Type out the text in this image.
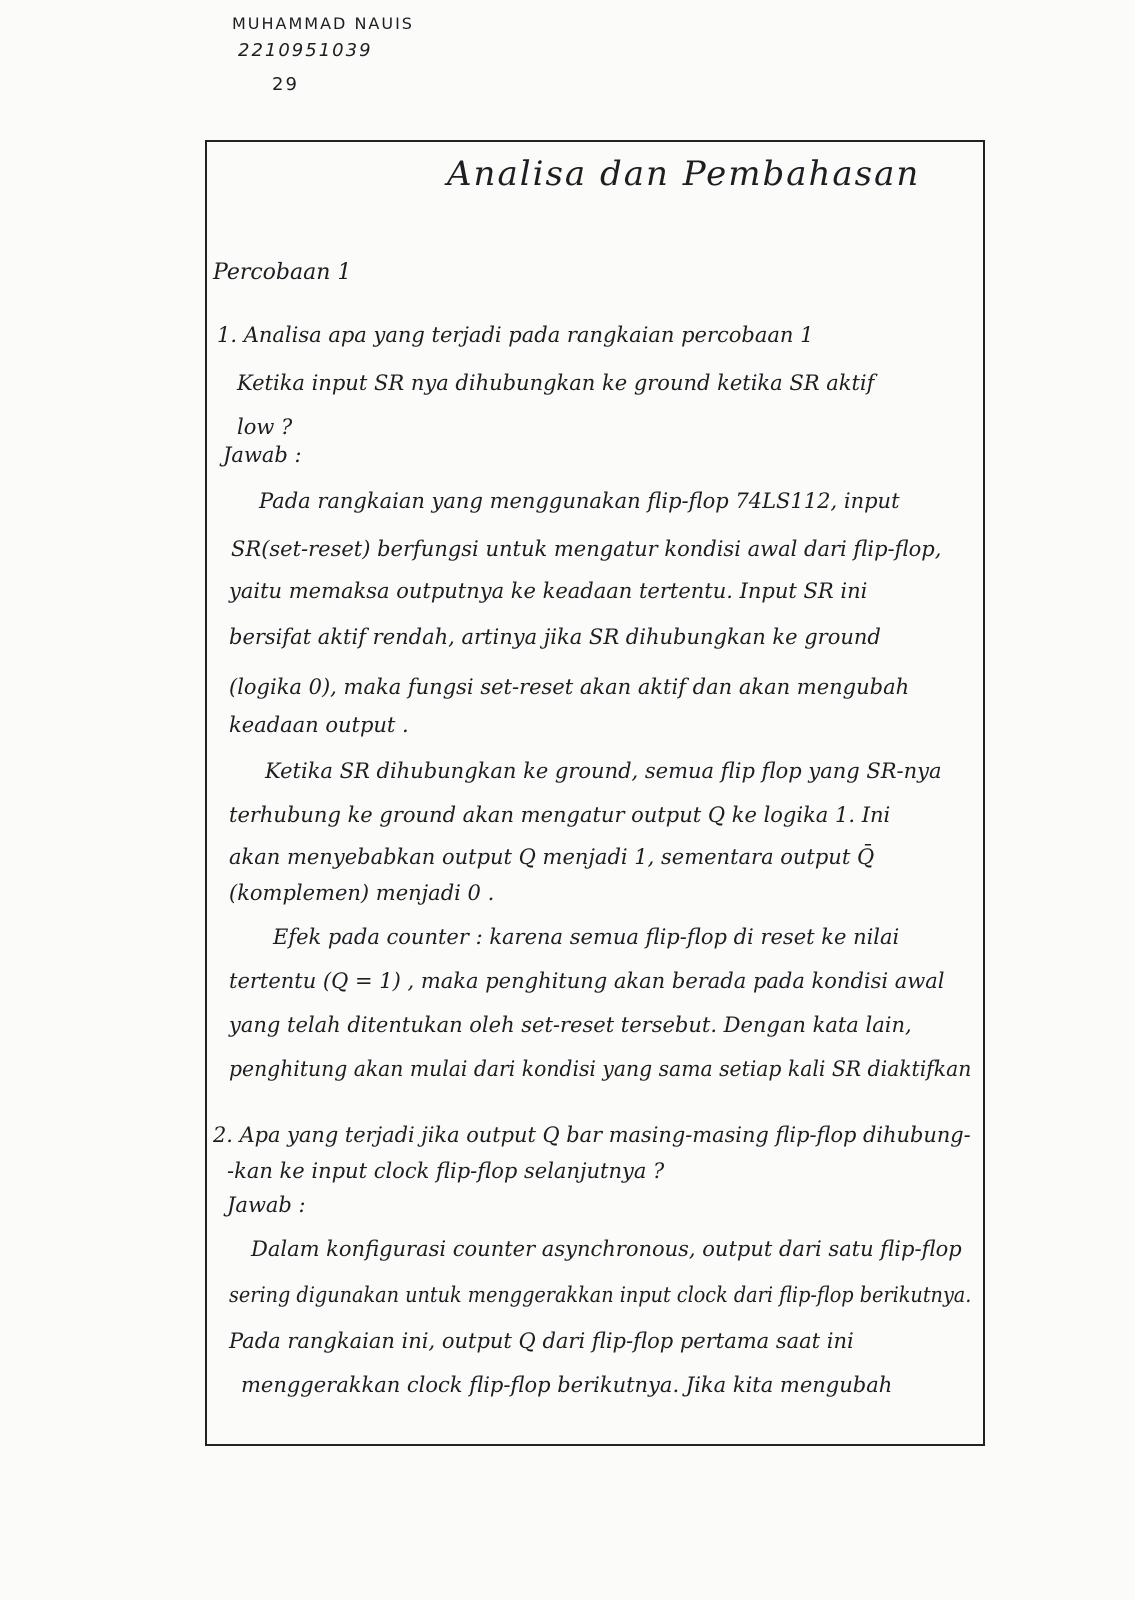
MUHAMMAD NAUIS
2210951039
29
Analisa dan Pembahasan
Percobaan 1
1. Analisa apa yang terjadi pada rangkaian percobaan 1
Ketika input SR nya dihubungkan ke ground ketika SR aktif
low ?
Jawab :
Pada rangkaian yang menggunakan flip-flop 74LS112, input
SR(set-reset) berfungsi untuk mengatur kondisi awal dari flip-flop,
yaitu memaksa outputnya ke keadaan tertentu. Input SR ini
bersifat aktif rendah, artinya jika SR dihubungkan ke ground
(logika 0), maka fungsi set-reset akan aktif dan akan mengubah
keadaan output .
Ketika SR dihubungkan ke ground, semua flip flop yang SR-nya
terhubung ke ground akan mengatur output Q ke logika 1. Ini
akan menyebabkan output Q menjadi 1, sementara output Q̄
(komplemen) menjadi 0 .
Efek pada counter : karena semua flip-flop di reset ke nilai
tertentu (Q = 1) , maka penghitung akan berada pada kondisi awal
yang telah ditentukan oleh set-reset tersebut. Dengan kata lain,
penghitung akan mulai dari kondisi yang sama setiap kali SR diaktifkan
2. Apa yang terjadi jika output Q bar masing-masing flip-flop dihubung-
-kan ke input clock flip-flop selanjutnya ?
Jawab :
Dalam konfigurasi counter asynchronous, output dari satu flip-flop
sering digunakan untuk menggerakkan input clock dari flip-flop berikutnya.
Pada rangkaian ini, output Q dari flip-flop pertama saat ini
menggerakkan clock flip-flop berikutnya. Jika kita mengubah
